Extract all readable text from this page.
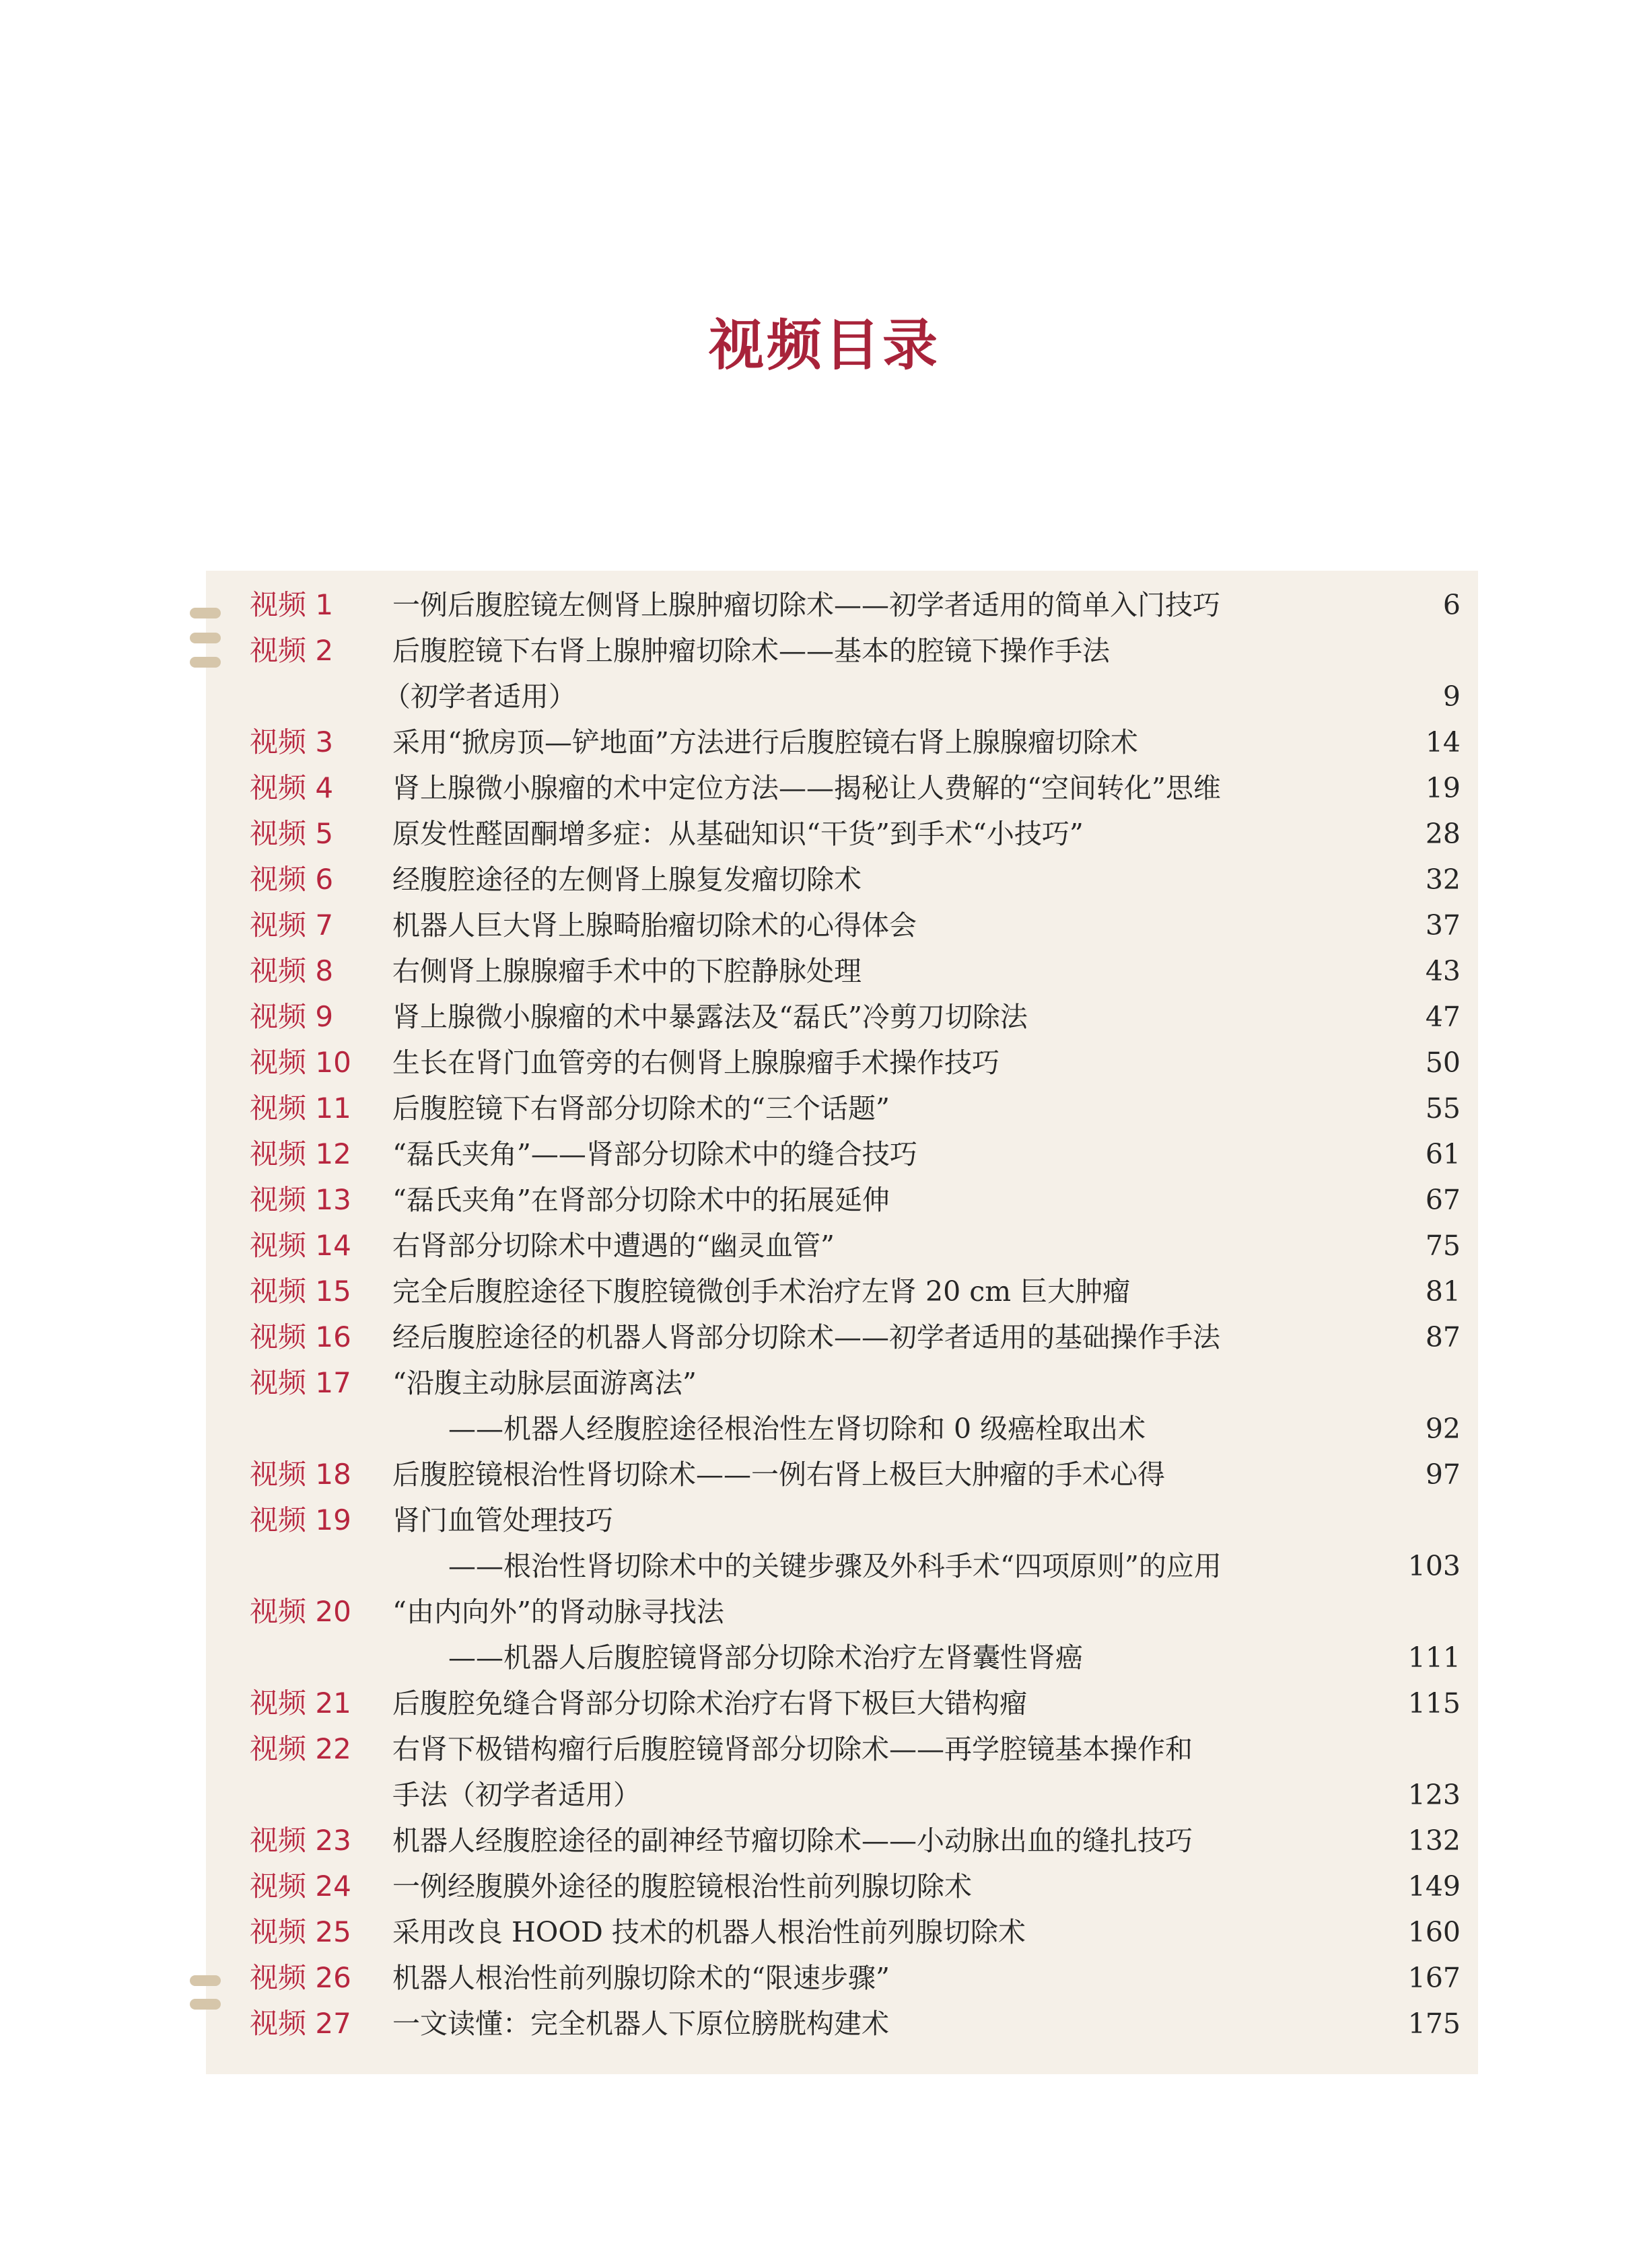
视频目录
视频 1 一例后腹腔镜左侧肾上腺肿瘤切除术——初学者适用的简单入门技巧	6
视频 2 后腹腔镜下右肾上腺肿瘤切除术——基本的腔镜下操作手法
（初学者适用）	9
视频 3 采用“掀房顶—铲地面”方法进行后腹腔镜右肾上腺腺瘤切除术	14
视频 4 肾上腺微小腺瘤的术中定位方法——揭秘让人费解的“空间转化”思维	19
视频 5 原发性醛固酮增多症：从基础知识“干货”到手术“小技巧”	28
视频 6 经腹腔途径的左侧肾上腺复发瘤切除术	32
视频 7 机器人巨大肾上腺畸胎瘤切除术的心得体会	37
视频 8 右侧肾上腺腺瘤手术中的下腔静脉处理	43
视频 9 肾上腺微小腺瘤的术中暴露法及“磊氏”冷剪刀切除法	47
视频 10 生长在肾门血管旁的右侧肾上腺腺瘤手术操作技巧	50
视频 11 后腹腔镜下右肾部分切除术的“三个话题”	55
视频 12 “磊氏夹角”——肾部分切除术中的缝合技巧	61
视频 13 “磊氏夹角”在肾部分切除术中的拓展延伸	67
视频 14 右肾部分切除术中遭遇的“幽灵血管”	75
视频 15 完全后腹腔途径下腹腔镜微创手术治疗左肾 20 cm 巨大肿瘤	81
视频 16 经后腹腔途径的机器人肾部分切除术——初学者适用的基础操作手法	87
视频 17 “沿腹主动脉层面游离法”
——机器人经腹腔途径根治性左肾切除和 0 级癌栓取出术	92
视频 18 后腹腔镜根治性肾切除术——一例右肾上极巨大肿瘤的手术心得	97
视频 19 肾门血管处理技巧
——根治性肾切除术中的关键步骤及外科手术“四项原则”的应用	103
视频 20 “由内向外”的肾动脉寻找法
——机器人后腹腔镜肾部分切除术治疗左肾囊性肾癌	111
视频 21 后腹腔免缝合肾部分切除术治疗右肾下极巨大错构瘤	115
视频 22 右肾下极错构瘤行后腹腔镜肾部分切除术——再学腔镜基本操作和
手法（初学者适用）	123
视频 23 机器人经腹腔途径的副神经节瘤切除术——小动脉出血的缝扎技巧	132
视频 24 一例经腹膜外途径的腹腔镜根治性前列腺切除术	149
视频 25 采用改良 HOOD 技术的机器人根治性前列腺切除术	160
视频 26 机器人根治性前列腺切除术的“限速步骤”	167
视频 27 一文读懂：完全机器人下原位膀胱构建术	175
